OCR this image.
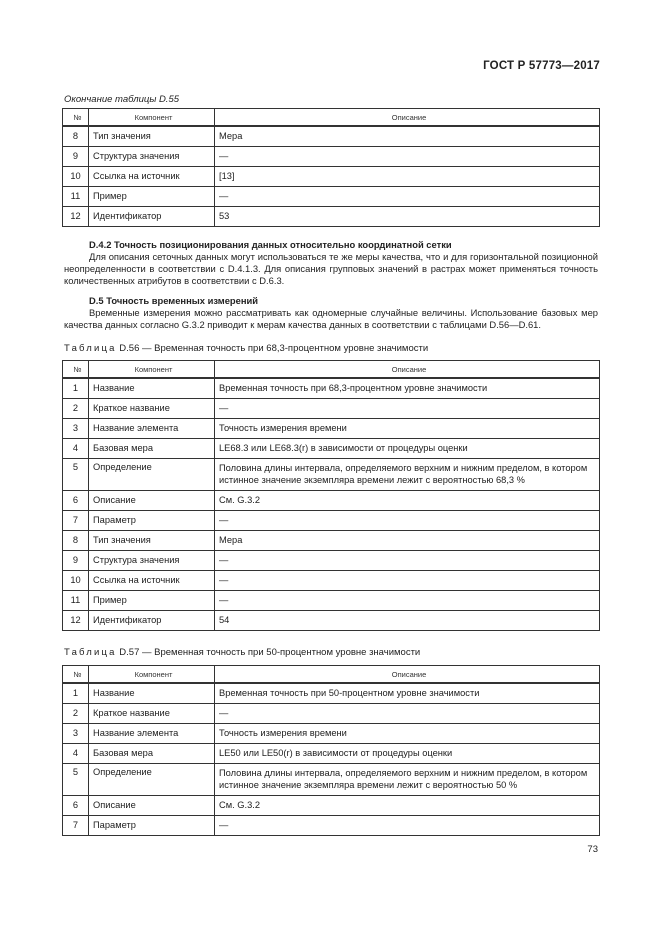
ГОСТ Р 57773—2017
Окончание таблицы D.55
№	Компонент	Описание
8	Тип значения	Мера
9	Структура значения	—
10	Ссылка на источник	[13]
11	Пример	—
12	Идентификатор	53
D.4.2 Точность позиционирования данных относительно координатной сетки
Для описания сеточных данных могут использоваться те же меры качества, что и для горизонтальной позиционной неопределенности в соответствии с D.4.1.3. Для описания групповых значений в растрах может применяться точность количественных атрибутов в соответствии с D.6.3.
D.5 Точность временных измерений
Временные измерения можно рассматривать как одномерные случайные величины. Использование базовых мер качества данных согласно G.3.2 приводит к мерам качества данных в соответствии с таблицами D.56—D.61.
Таблица D.56 — Временная точность при 68,3-процентном уровне значимости
№	Компонент	Описание
1	Название	Временная точность при 68,3-процентном уровне значимости
2	Краткое название	—
3	Название элемента	Точность измерения времени
4	Базовая мера	LE68.3 или LE68.3(r) в зависимости от процедуры оценки
5	Определение	Половина длины интервала, определяемого верхним и нижним пределом, в котором истинное значение экземпляра времени лежит с вероятностью 68,3 %
6	Описание	См. G.3.2
7	Параметр	—
8	Тип значения	Мера
9	Структура значения	—
10	Ссылка на источник	—
11	Пример	—
12	Идентификатор	54
Таблица D.57 — Временная точность при 50-процентном уровне значимости
№	Компонент	Описание
1	Название	Временная точность при 50-процентном уровне значимости
2	Краткое название	—
3	Название элемента	Точность измерения времени
4	Базовая мера	LE50 или LE50(r) в зависимости от процедуры оценки
5	Определение	Половина длины интервала, определяемого верхним и нижним пределом, в котором истинное значение экземпляра времени лежит с вероятностью 50 %
6	Описание	См. G.3.2
7	Параметр	—
73
